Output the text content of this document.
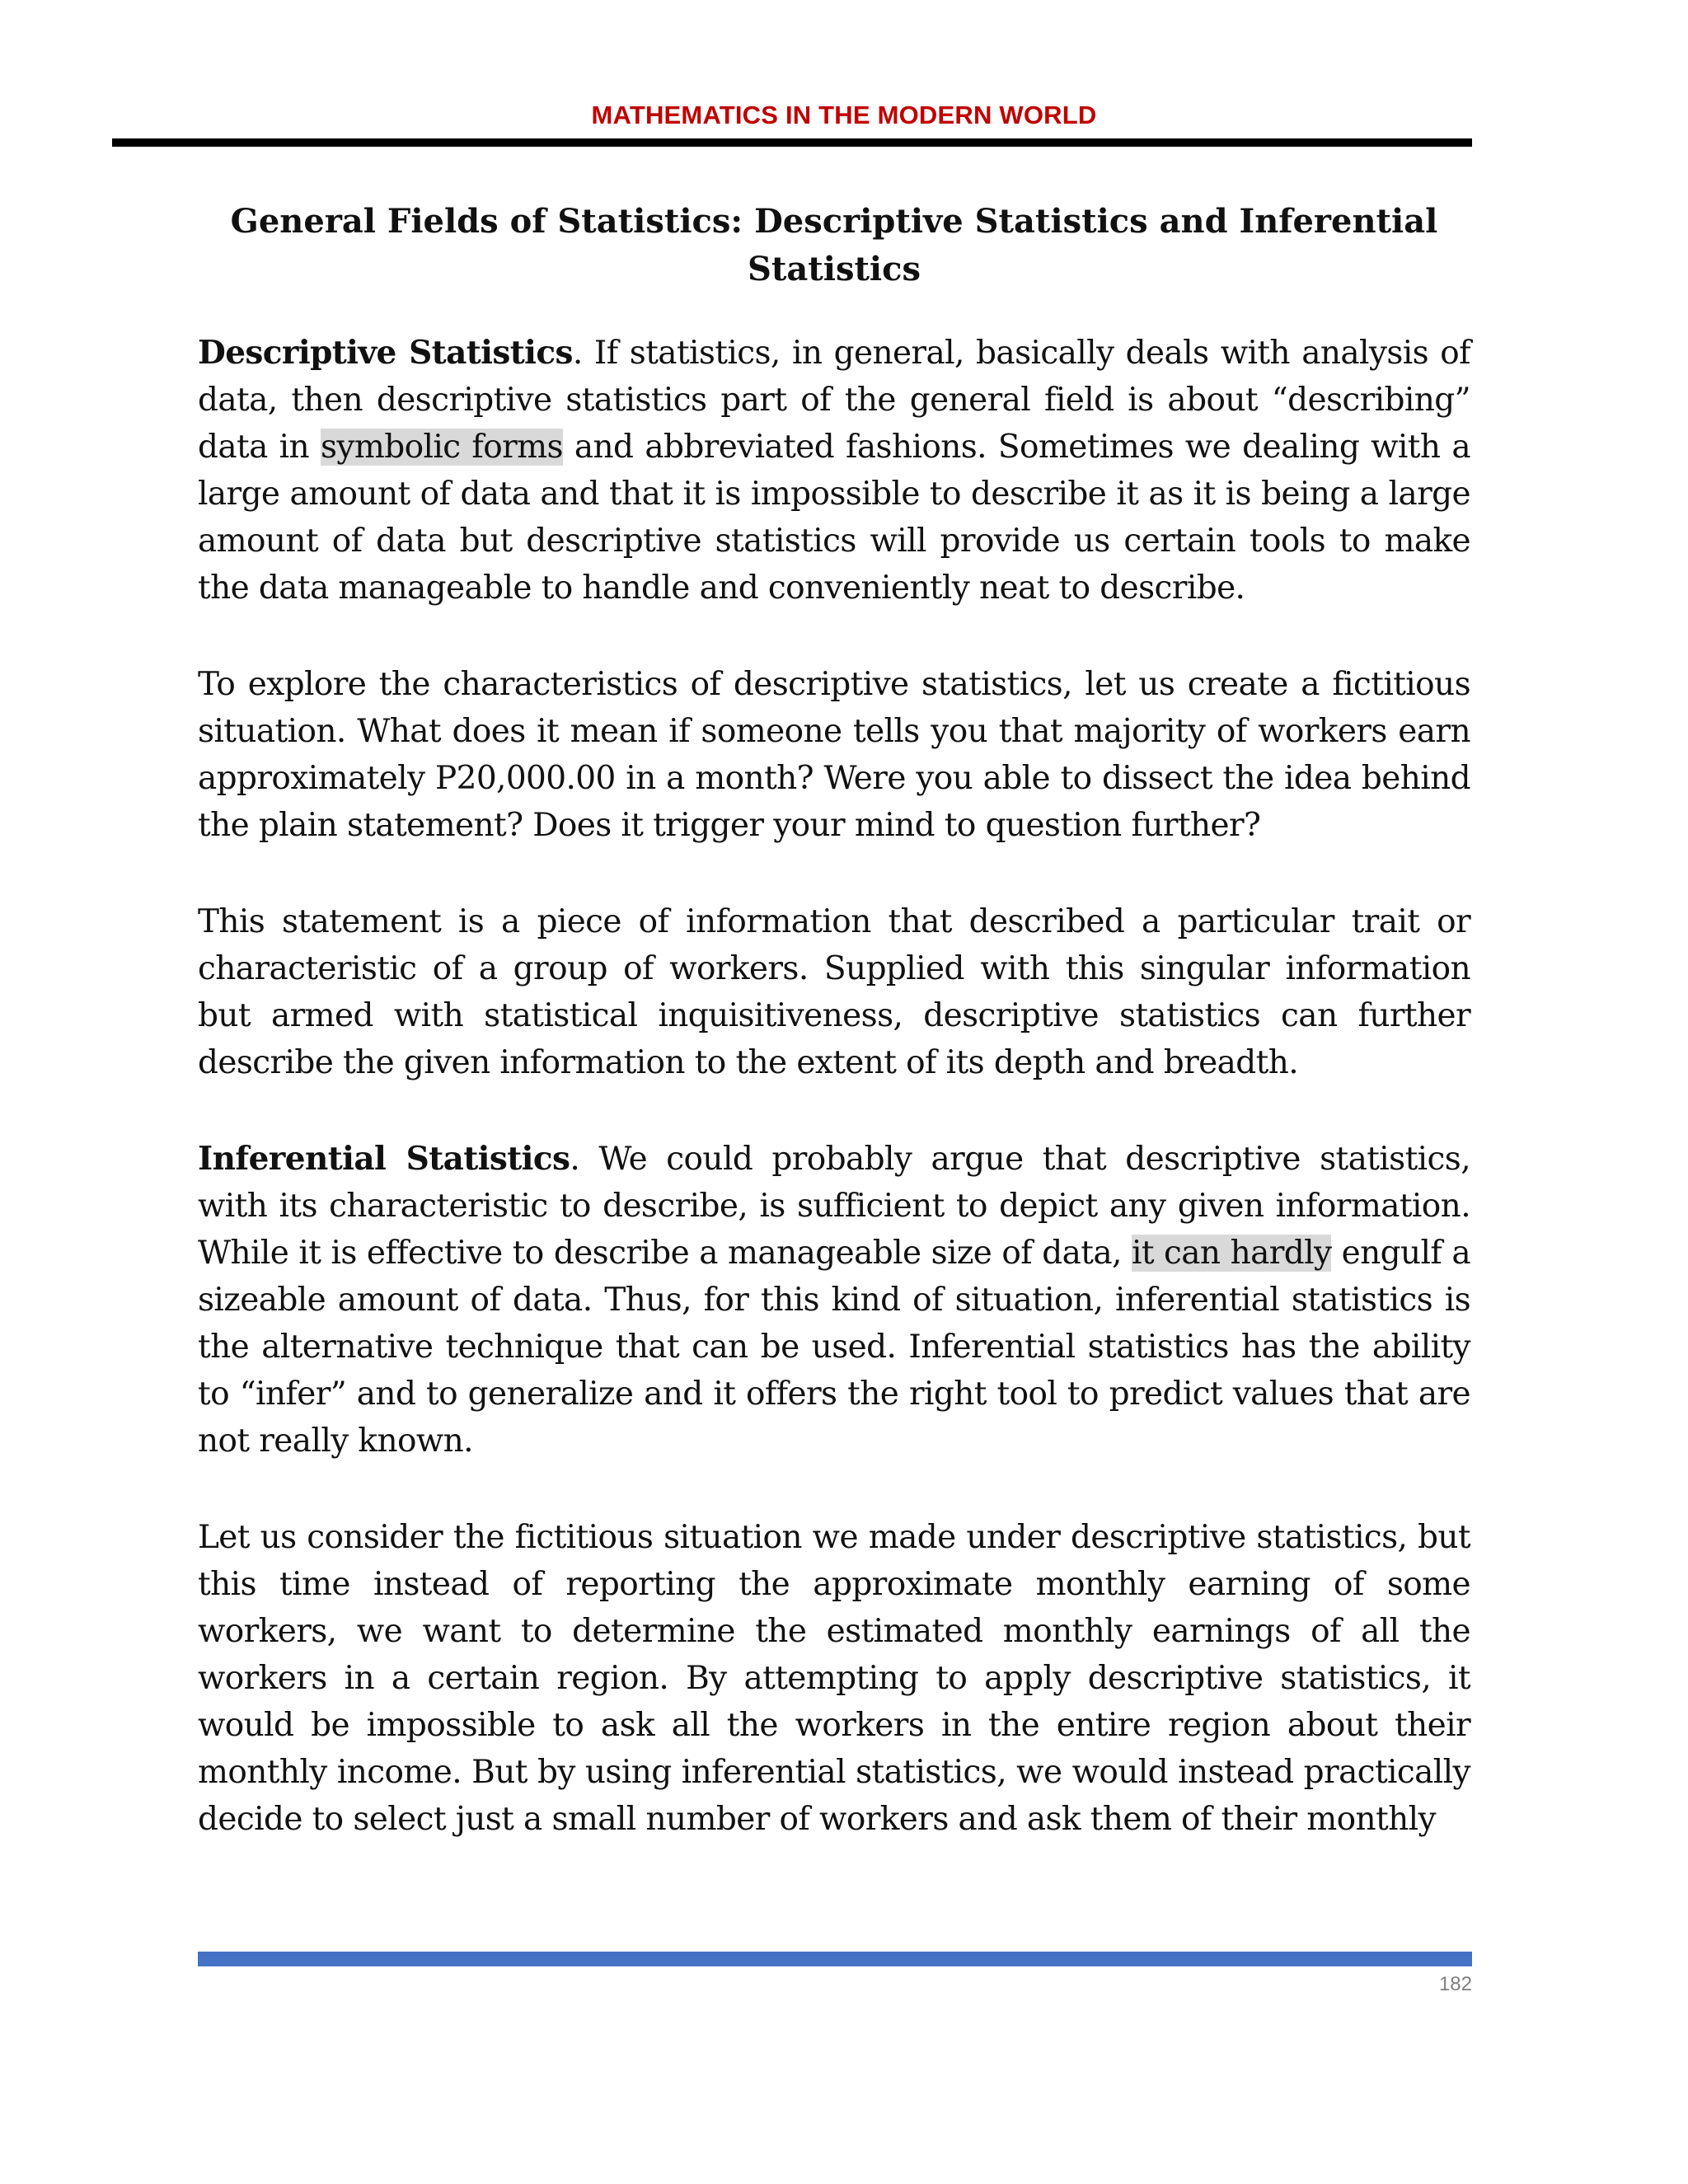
MATHEMATICS IN THE MODERN WORLD
General Fields of Statistics: Descriptive Statistics and Inferential Statistics

Descriptive Statistics. If statistics, in general, basically deals with analysis of data, then descriptive statistics part of the general field is about “describing” data in symbolic forms and abbreviated fashions. Sometimes we dealing with a large amount of data and that it is impossible to describe it as it is being a large amount of data but descriptive statistics will provide us certain tools to make the data manageable to handle and conveniently neat to describe.

To explore the characteristics of descriptive statistics, let us create a fictitious situation. What does it mean if someone tells you that majority of workers earn approximately P20,000.00 in a month? Were you able to dissect the idea behind the plain statement? Does it trigger your mind to question further?

This statement is a piece of information that described a particular trait or characteristic of a group of workers. Supplied with this singular information but armed with statistical inquisitiveness, descriptive statistics can further describe the given information to the extent of its depth and breadth.

Inferential Statistics. We could probably argue that descriptive statistics, with its characteristic to describe, is sufficient to depict any given information. While it is effective to describe a manageable size of data, it can hardly engulf a sizeable amount of data. Thus, for this kind of situation, inferential statistics is the alternative technique that can be used. Inferential statistics has the ability to “infer” and to generalize and it offers the right tool to predict values that are not really known.

Let us consider the fictitious situation we made under descriptive statistics, but this time instead of reporting the approximate monthly earning of some workers, we want to determine the estimated monthly earnings of all the workers in a certain region. By attempting to apply descriptive statistics, it would be impossible to ask all the workers in the entire region about their monthly income. But by using inferential statistics, we would instead practically decide to select just a small number of workers and ask them of their monthly

182
